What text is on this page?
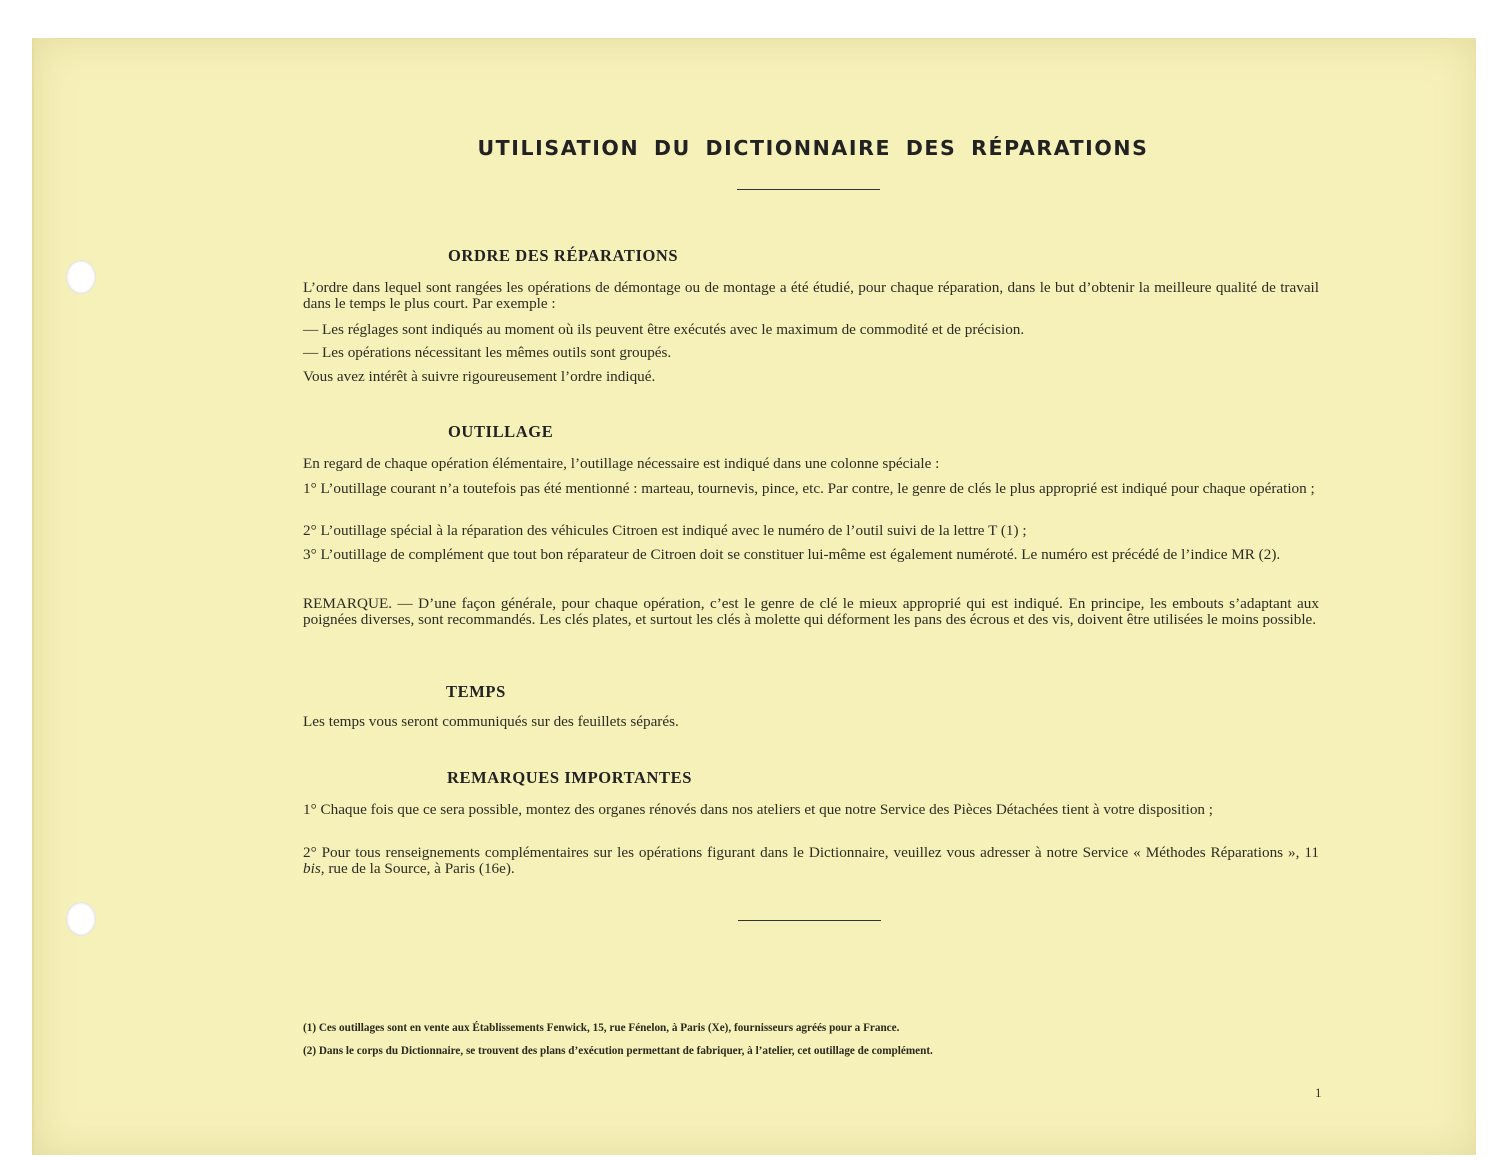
UTILISATION DU DICTIONNAIRE DES RÉPARATIONS
ORDRE DES RÉPARATIONS
L’ordre dans lequel sont rangées les opérations de démontage ou de montage a été étudié, pour chaque réparation, dans le but d’obtenir la meilleure qualité de travail dans le temps le plus court. Par exemple :
— Les réglages sont indiqués au moment où ils peuvent être exécutés avec le maximum de commodité et de précision.
— Les opérations nécessitant les mêmes outils sont groupés.
Vous avez intérêt à suivre rigoureusement l’ordre indiqué.
OUTILLAGE
En regard de chaque opération élémentaire, l’outillage nécessaire est indiqué dans une colonne spéciale :
1° L’outillage courant n’a toutefois pas été mentionné : marteau, tournevis, pince, etc. Par contre, le genre de clés le plus approprié est indiqué pour chaque opération ;
2° L’outillage spécial à la réparation des véhicules Citroen est indiqué avec le numéro de l’outil suivi de la lettre T (1) ;
3° L’outillage de complément que tout bon réparateur de Citroen doit se constituer lui-même est également numéroté. Le numéro est précédé de l’indice MR (2).
REMARQUE. — D’une façon générale, pour chaque opération, c’est le genre de clé le mieux approprié qui est indiqué. En principe, les embouts s’adaptant aux poignées diverses, sont recommandés. Les clés plates, et surtout les clés à molette qui déforment les pans des écrous et des vis, doivent être utilisées le moins possible.
TEMPS
Les temps vous seront communiqués sur des feuillets séparés.
REMARQUES IMPORTANTES
1° Chaque fois que ce sera possible, montez des organes rénovés dans nos ateliers et que notre Service des Pièces Détachées tient à votre disposition ;
2° Pour tous renseignements complémentaires sur les opérations figurant dans le Dictionnaire, veuillez vous adresser à notre Service « Méthodes Réparations », 11 bis, rue de la Source, à Paris (16e).
(1) Ces outillages sont en vente aux Établissements Fenwick, 15, rue Fénelon, à Paris (Xe), fournisseurs agréés pour a France.
(2) Dans le corps du Dictionnaire, se trouvent des plans d’exécution permettant de fabriquer, à l’atelier, cet outillage de complément.
1
